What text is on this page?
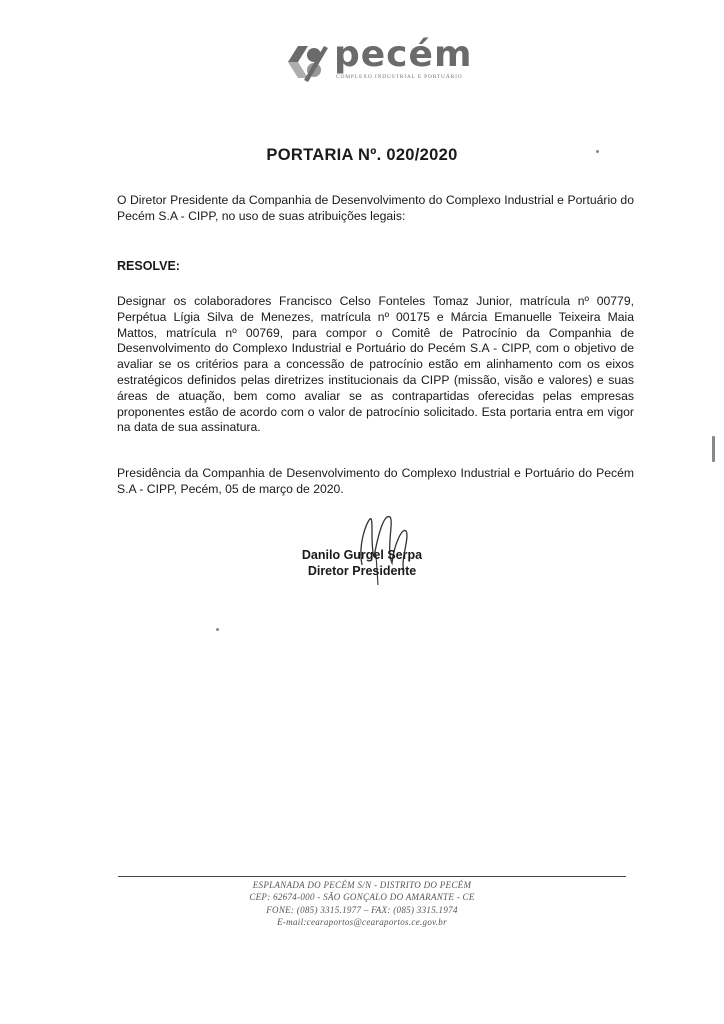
pecém
COMPLEXO INDUSTRIAL E PORTUÁRIO
PORTARIA Nº. 020/2020

O Diretor Presidente da Companhia de Desenvolvimento do Complexo Industrial e Portuário do Pecém S.A - CIPP, no uso de suas atribuições legais:

RESOLVE:

Designar os colaboradores Francisco Celso Fonteles Tomaz Junior, matrícula nº 00779, Perpétua Lígia Silva de Menezes, matrícula nº 00175 e Márcia Emanuelle Teixeira Maia Mattos, matrícula nº 00769, para compor o Comitê de Patrocínio da Companhia de Desenvolvimento do Complexo Industrial e Portuário do Pecém S.A - CIPP, com o objetivo de avaliar se os critérios para a concessão de patrocínio estão em alinhamento com os eixos estratégicos definidos pelas diretrizes institucionais da CIPP (missão, visão e valores) e suas áreas de atuação, bem como avaliar se as contrapartidas oferecidas pelas empresas proponentes estão de acordo com o valor de patrocínio solicitado. Esta portaria entra em vigor na data de sua assinatura.

Presidência da Companhia de Desenvolvimento do Complexo Industrial e Portuário do Pecém S.A - CIPP, Pecém, 05 de março de 2020.

Danilo Gurgel Serpa
Diretor Presidente
ESPLANADA DO PECÉM S/N - DISTRITO DO PECÉM
CEP: 62674-000 - SÃO GONÇALO DO AMARANTE - CE
FONE: (085) 3315.1977 – FAX: (085) 3315.1974
E-mail:cearaportos@cearaportos.ce.gov.br
